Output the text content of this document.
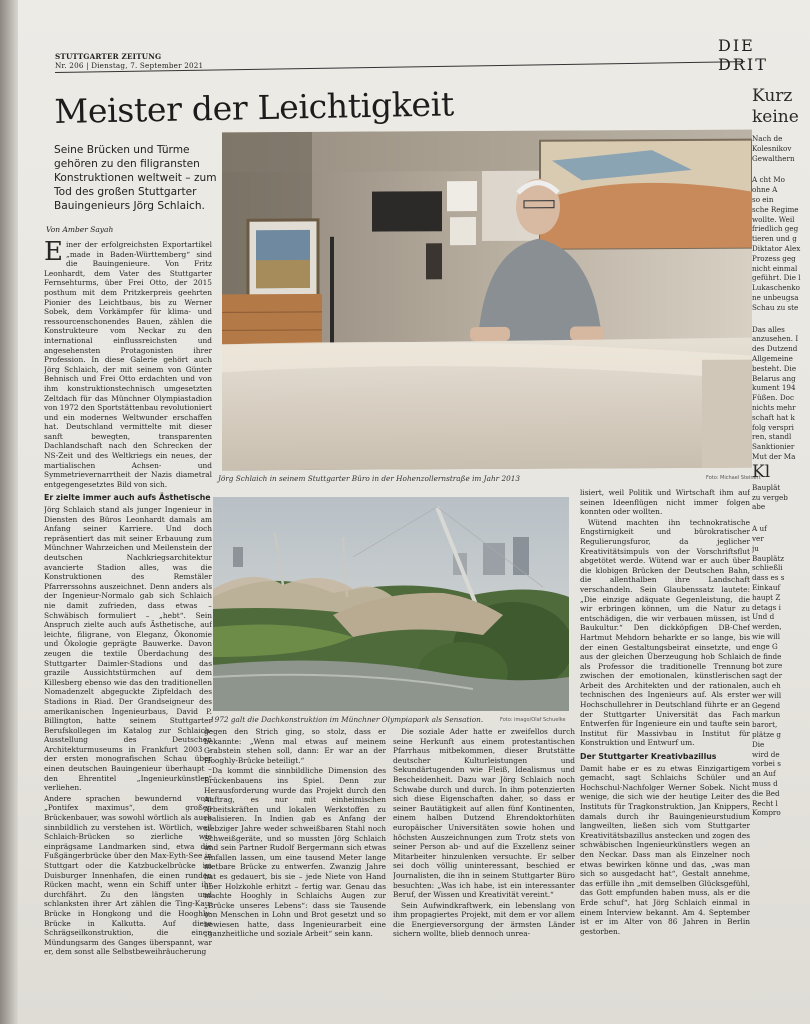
STUTTGARTER ZEITUNG
Nr. 206 | Dienstag, 7. September 2021
DIE DRIT
Meister der Leichtigkeit
Seine Brücken und Türme gehören zu den filigransten Konstruktionen weltweit – zum Tod des großen Stuttgarter Bauingenieurs Jörg Schlaich.
Von Amber Sayah

Einer der erfolgreichsten Exportartikel „made in Baden-Württemberg“ sind die Bauingenieure. Von Fritz Leonhardt, dem Vater des Stuttgarter Fernsehturms, über Frei Otto, der 2015 posthum mit dem Pritzkerpreis geehrten Pionier des Leichtbaus, bis zu Werner Sobek, dem Vorkämpfer für klima- und ressourcenschonendes Bauen, zählen die Konstrukteure vom Neckar zu den international einflussreichsten und angesehensten Protagonisten ihrer Profession. In diese Galerie gehört auch Jörg Schlaich, der mit seinem von Günter Behnisch und Frei Otto erdachten und von ihm konstruktionstechnisch umgesetzten Zeltdach für das Münchner Olympiastadion von 1972 den Sportstättenbau revolutioniert und ein modernes Weltwunder erschaffen hat. Deutschland vermittelte mit dieser sanft bewegten, transparenten Dachlandschaft nach den Schrecken der NS-Zeit und des Weltkriegs ein neues, der martialischen Achsen- und Symmetrievernarrtheit der Nazis diametral entgegengesetztes Bild von sich.

Er zielte immer auch aufs Ästhetische

Jörg Schlaich stand als junger Ingenieur in Diensten des Büros Leonhardt damals am Anfang seiner Karriere. Und doch repräsentiert das mit seiner Erbauung zum Münchner Wahrzeichen und Meilenstein der deutschen Nachkriegsarchitektur avancierte Stadion alles, was die Konstruktionen des Remstäler Pfarrerssohns auszeichnet. Denn anders als der Ingenieur-Normalo gab sich Schlaich nie damit zufrieden, dass etwas – Schwäbisch formuliert – „hebt“. Sein Anspruch zielte auch aufs Ästhetische, auf leichte, filigrane, von Eleganz, Ökonomie und Ökologie geprägte Bauwerke. Davon zeugen die textile Überdachung des Stuttgarter Daimler-Stadions und das grazile Aussichtstürmchen auf dem Killesberg ebenso wie das den traditionellen Nomadenzelt abgeguckte Zipfeldach des Stadions in Riad. Der Grandseigneur des amerikanischen Ingenieurbaus, David P. Billington, hatte seinem Stuttgarter Berufskollegen im Katalog zur Schlaich-Ausstellung des Deutschen Architekturmuseums in Frankfurt 2003 – der ersten monografischen Schau über einen deutschen Bauingenieur überhaupt – den Ehrentitel „Ingenieurkünstler“ verliehen.

Andere sprachen bewundernd vom „Pontifex maximus“, dem großen Brückenbauer, was sowohl wörtlich als auch sinnbildlich zu verstehen ist. Wörtlich, weil Schlaich-Brücken so zierliche wie einprägsame Landmarken sind, etwa die Fußgängerbrücke über den Max-Eyth-See in Stuttgart oder die Katzbuckelbrücke im Duisburger Innenhafen, die einen runden Rücken macht, wenn ein Schiff unter ihr durchfährt. Zu den längsten und schlanksten ihrer Art zählen die Ting-Kau-Brücke in Hongkong und die Hooghly-Brücke in Kalkutta. Auf diese Schrägseilkonstruktion, die einen Mündungsarm des Ganges überspannt, war er, dem sonst alle Selbstbeweihräucherung

Jörg Schlaich in seinem Stuttgarter Büro in der Hohenzollernstraße im Jahr 2013	Foto: Michael Steinert
1972 galt die Dachkonstruktion im Münchner Olympiapark als Sensation.	Foto: imago/Olaf Schuelke

gegen den Strich ging, so stolz, dass er bekannte: „Wenn mal etwas auf meinem Grabstein stehen soll, dann: Er war an der Hooghly-Brücke beteiligt.“

Da kommt die sinnbildliche Dimension des Brückenbauens ins Spiel. Denn zur Herausforderung wurde das Projekt durch den Auftrag, es nur mit einheimischen Arbeitskräften und lokalen Werkstoffen zu realisieren. In Indien gab es Anfang der siebziger Jahre weder schweißbaren Stahl noch Schweißgeräte, und so mussten Jörg Schlaich und sein Partner Rudolf Bergermann sich etwas einfallen lassen, um eine tausend Meter lange nietbare Brücke zu entwerfen. Zwanzig Jahre hat es gedauert, bis sie – jede Niete von Hand über Holzkohle erhitzt – fertig war. Genau das machte Hooghly in Schlaichs Augen zur „Brücke unseres Lebens“: dass sie Tausende von Menschen in Lohn und Brot gesetzt und so bewiesen hatte, dass Ingenieurarbeit eine „ganzheitliche und soziale Arbeit“ sein kann.

Die soziale Ader hatte er zweifellos durch seine Herkunft aus einem protestantischen Pfarrhaus mitbekommen, dieser Brutstätte deutscher Kulturleistungen und Sekundärtugenden wie Fleiß, Idealismus und Bescheidenheit. Dazu war Jörg Schlaich noch Schwabe durch und durch. In ihm potenzierten sich diese Eigenschaften daher, so dass er seiner Bautätigkeit auf allen fünf Kontinenten, einem halben Dutzend Ehrendoktorhüten europäischer Universitäten sowie hohen und höchsten Auszeichnungen zum Trotz stets von seiner Person ab- und auf die Exzellenz seiner Mitarbeiter hinzulenken versuchte. Er selber sei doch völlig uninteressant, beschied er Journalisten, die ihn in seinem Stuttgarter Büro besuchten: „Was ich habe, ist ein interessanter Beruf, der Wissen und Kreativität vereint.“

Sein Aufwindkraftwerk, ein lebenslang von ihm propagiertes Projekt, mit dem er vor allem die Energieversorgung der ärmsten Länder sichern wollte, blieb dennoch unrea-

lisiert, weil Politik und Wirtschaft ihm auf seinen Ideenflügen nicht immer folgen konnten oder wollten.

Wütend machten ihn technokratische Engstirnigkeit und bürokratischer Regulierungsfuror, da jeglicher Kreativitätsimpuls von der Vorschriftsflut abgetötet werde. Wütend war er auch über die klobigen Brücken der Deutschen Bahn, die allenthalben ihre Landschaft verschandeln. Sein Glaubenssatz lautete: „Die einzige adäquate Gegenleistung, die wir erbringen können, um die Natur zu entschädigen, die wir verbauen müssen, ist Baukultur.“ Den dickköpfigen DB-Chef Hartmut Mehdorn beharkte er so lange, bis der einen Gestaltungsbeirat einsetzte, und aus der gleichen Überzeugung hob Schlaich als Professor die traditionelle Trennung zwischen der emotionalen, künstlerischen Arbeit des Architekten und der rationalen, technischen des Ingenieurs auf. Als erster Hochschullehrer in Deutschland führte er an der Stuttgarter Universität das Fach Entwerfen für Ingenieure ein und taufte sein Institut für Massivbau in Institut für Konstruktion und Entwurf um.

Der Stuttgarter Kreativbazillus

Damit habe er es zu etwas Einzigartigem gemacht, sagt Schlaichs Schüler und Hochschul-Nachfolger Werner Sobek. Nicht wenige, die sich wie der heutige Leiter des Instituts für Tragkonstruktion, Jan Knippers, damals durch ihr Bauingenieurstudium langweilten, ließen sich vom Stuttgarter Kreativitätsbazillus anstecken und zogen des schwäbischen Ingenieurkünstlers wegen an den Neckar. Dass man als Einzelner noch etwas bewirken könne und das, „was man sich so ausgedacht hat“, Gestalt annehme, das erfülle ihn „mit demselben Glücksgefühl, das Gott empfunden haben muss, als er die Erde schuf“, hat Jörg Schlaich einmal in einem Interview bekannt. Am 4. September ist er im Alter von 86 Jahren in Berlin gestorben.

Kurz
keine
Nach de
Kolesnikov
Gewalthern
A cht Mo
ohne A
so ein
sche Regime
wollte. Weil
friedlich geg
tieren und g
Diktator Alex
Prozess geg
nicht einmal
geführt. Die l
Lukaschenko
ne unbeugsa
Schau zu ste
Das alles
anzusehen. I
des Dutzend
Allgemeine
besteht. Die
Belarus ang
kument 194
Füßen. Doc
nichts mehr
schaft hat k
folg verspri
ren, standl
Sanktionier
Mut der Ma
Kl
Bauplät
zu vergeb
abe
A uf
ver
ju
Bauplätz
schließli
dass es s
Einkauf
haupt Z
detags i
Und d
werden,
wie will
enge G
de finde
bot zure
sagt der
auch eh
wer will
Gegend
markun
barort,
plätze g
Die
wird de
vorbei s
an Auf
muss d
die Bed
Recht l
Kompro
